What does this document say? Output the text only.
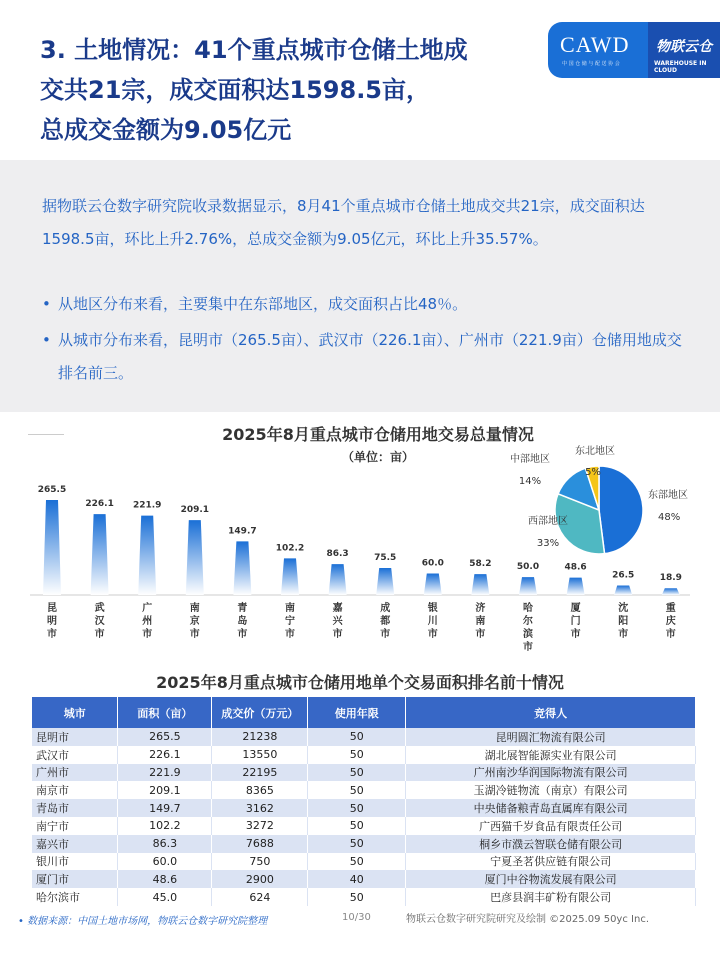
3. 土地情况：41个重点城市仓储土地成
交共21宗，成交面积达1598.5亩，
总成交金额为9.05亿元
CAWD
中 国 仓 储 与 配 送 协 会
物联云仓
WAREHOUSE IN CLOUD

据物联云仓数字研究院收录数据显示，8月41个重点城市仓储土地成交共21宗，成交面积达1598.5亩，环比上升2.76%，总成交金额为9.05亿元，环比上升35.57%。

• 从地区分布来看，主要集中在东部地区，成交面积占比48％。
• 从城市分布来看，昆明市（265.5亩）、武汉市（226.1亩）、广州市（221.9亩）仓储用地成交排名前三。
2025年8月重点城市仓储用地交易总量情况
（单位：亩）
265.5
昆明市
226.1
武汉市
221.9
广州市
209.1
南京市
149.7
青岛市
102.2
南宁市
86.3
嘉兴市
75.5
成都市
60.0
银川市
58.2
济南市
50.0
哈尔滨市
48.6
厦门市
26.5
沈阳市
18.9
重庆市
东部地区
48%
西部地区
33%
中部地区
14%
东北地区
5%
2025年8月重点城市仓储用地单个交易面积排名前十情况
城市	面积（亩）	成交价（万元）	使用年限	竞得人
昆明市	265.5	21238	50	昆明圆汇物流有限公司
武汉市	226.1	13550	50	湖北展智能源实业有限公司
广州市	221.9	22195	50	广州南沙华润国际物流有限公司
南京市	209.1	8365	50	玉湖冷链物流（南京）有限公司
青岛市	149.7	3162	50	中央储备粮青岛直属库有限公司
南宁市	102.2	3272	50	广西猫千岁食品有限责任公司
嘉兴市	86.3	7688	50	桐乡市濮云智联仓储有限公司
银川市	60.0	750	50	宁夏圣茗供应链有限公司
厦门市	48.6	2900	40	厦门中谷物流发展有限公司
哈尔滨市	45.0	624	50	巴彦县润丰矿粉有限公司
• 数据来源：中国土地市场网，物联云仓数字研究院整理	10/30	物联云仓数字研究院研究及绘制 ©2025.09 50yc Inc.
